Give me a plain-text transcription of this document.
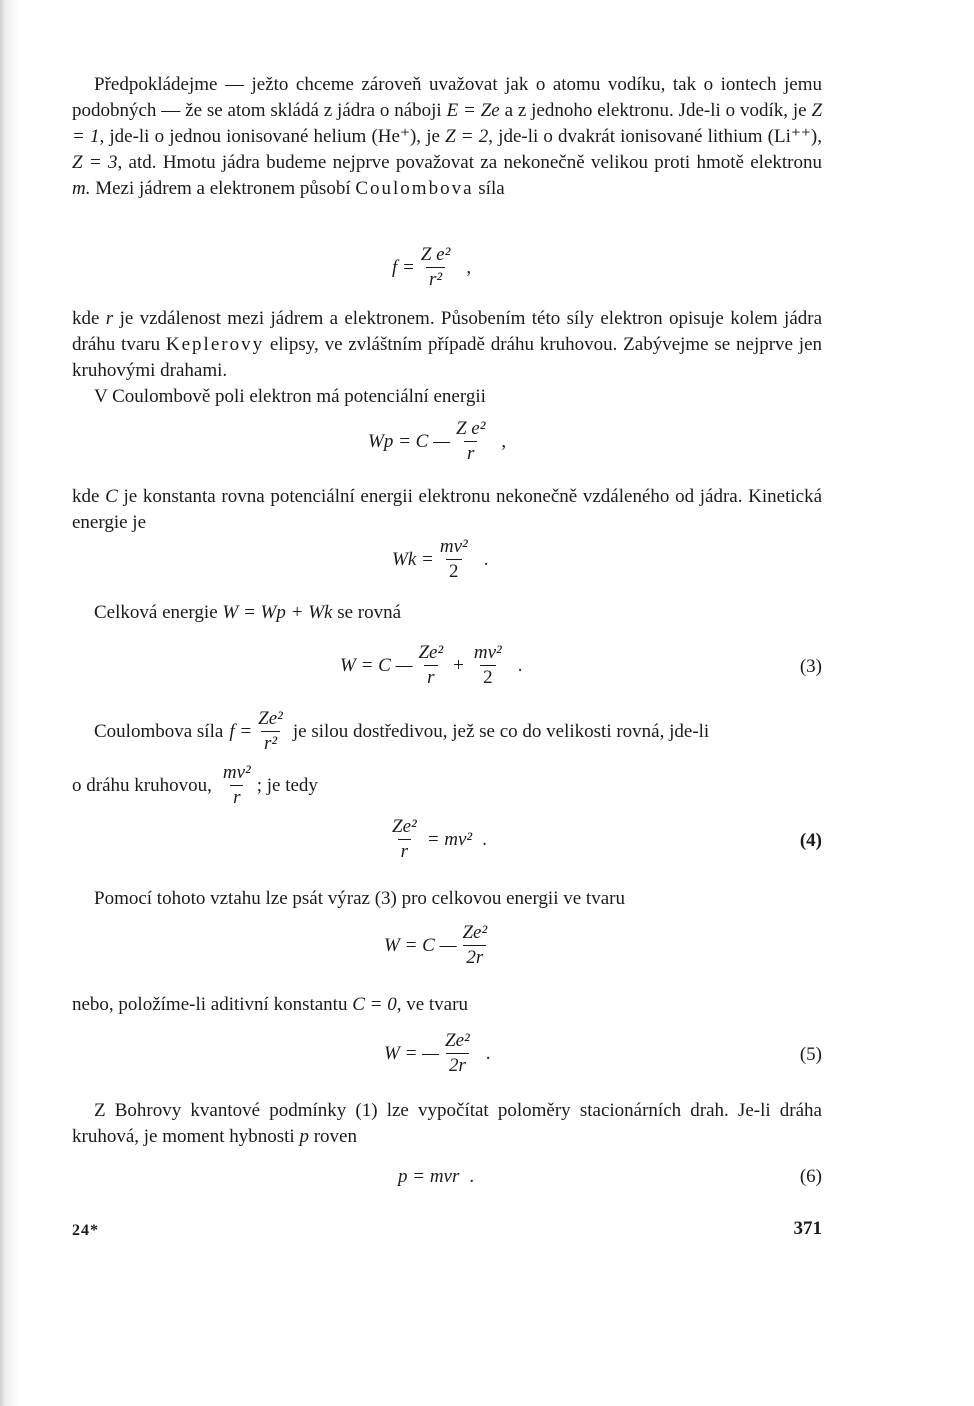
Předpokládejme — ježto chceme zároveň uvažovat jak o atomu vodíku, tak o iontech jemu podobných — že se atom skládá z jádra o náboji E = Ze a z jednoho elektronu. Jde-li o vodík, je Z = 1, jde-li o jednou ionisované helium (He⁺), je Z = 2, jde-li o dvakrát ionisované lithium (Li⁺⁺), Z = 3, atd. Hmotu jádra budeme nejprve považovat za nekonečně velikou proti hmotě elektronu m. Mezi jádrem a elektronem působí Coulombova síla

$f = \frac{\text{Z e²}}{\text{r²}}$ ,

kde r je vzdálenost mezi jádrem a elektronem. Působením této síly elektron opisuje kolem jádra dráhu tvaru Keplerovy elipsy, ve zvláštním případě dráhu kruhovou. Zabývejme se nejprve jen kruhovými drahami.

V Coulombově poli elektron má potenciální energii

Wp = C — $\frac{\text{Z e²}}{r}$ ,

kde C je konstanta rovna potenciální energii elektronu nekonečně vzdáleného od jádra. Kinetická energie je

$Wk = \frac{\text{mv²}}{2}$ .

Celková energie W = Wp + Wk se rovná

W = C — $\frac{\text{Ze²}}{r} + \frac{\text{mv²}}{2}$ .	(3)
Coulombova síla $f = \frac{\text{Ze²}}{\text{r²}}$ je silou dostředivou, jež se co do velikosti rovná, jde-li
o dráhu kruhovou, $\frac{\text{mv²}}{r}$ ; je tedy
$\frac{\text{Ze²}}{r} = mv^2$ .	(4)

Pomocí tohoto vztahu lze psát výraz (3) pro celkovou energii ve tvaru

W = C — $\frac{\text{Ze²}}{2r}$

nebo, položíme-li aditivní konstantu C = 0, ve tvaru

W = — $\frac{\text{Ze²}}{2r}$ .	(5)

Z Bohrovy kvantové podmínky (1) lze vypočítat poloměry stacionárních drah. Je-li dráha kruhová, je moment hybnosti p roven

p = mvr .	(6)
24*	371
